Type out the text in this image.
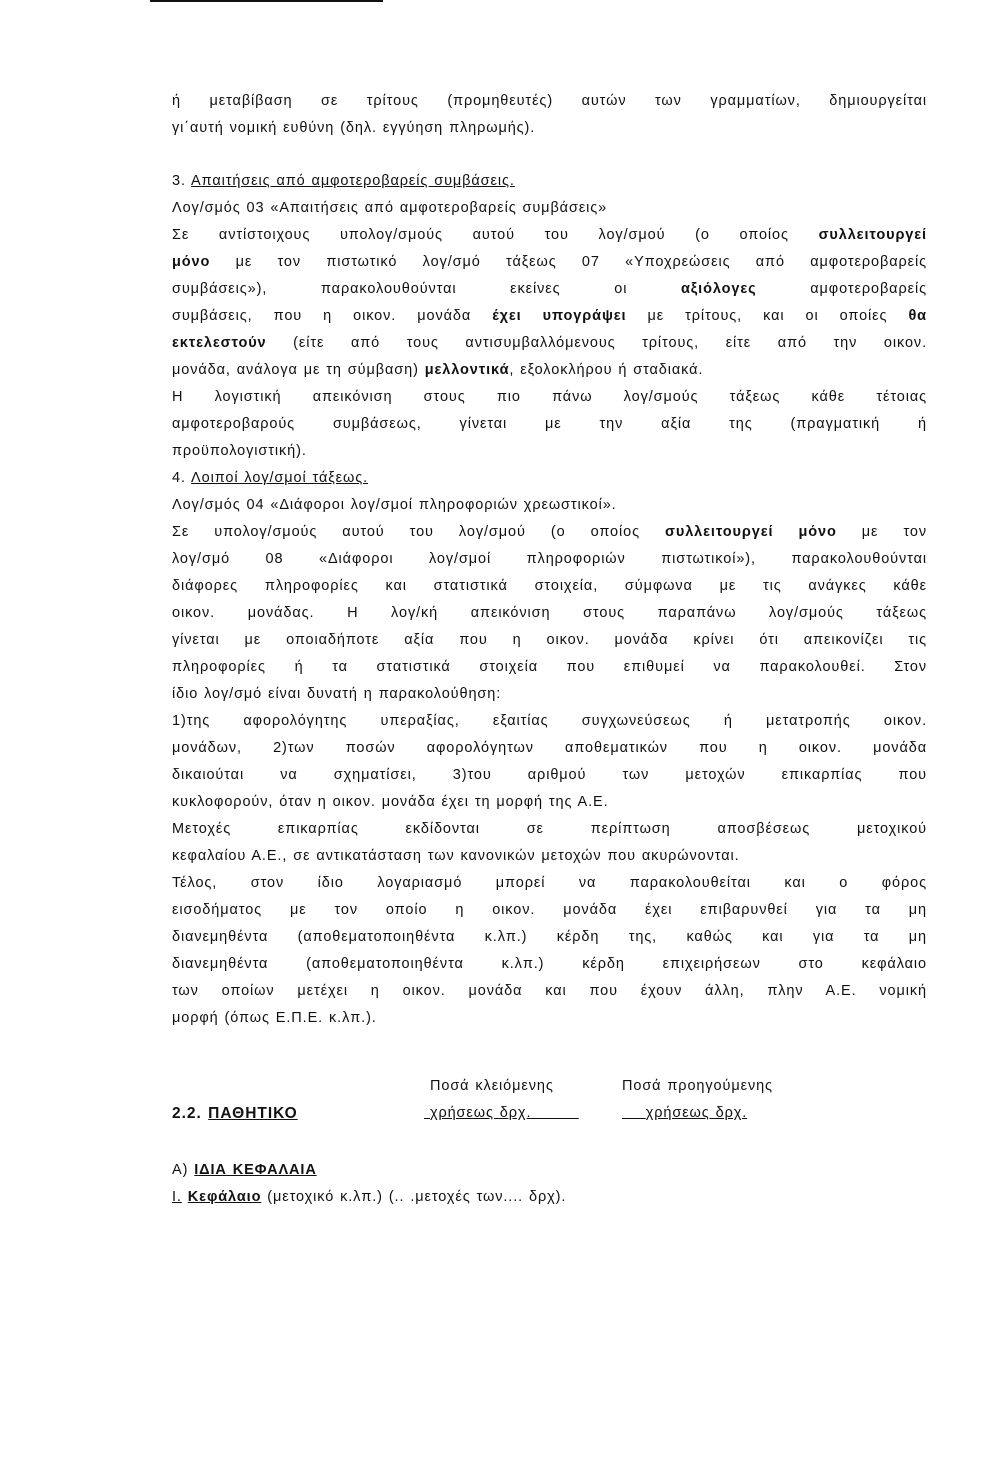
ή μεταβίβαση σε τρίτους (προμηθευτές) αυτών των γραμματίων, δημιουργείται
γι΄αυτή νομική ευθύνη (δηλ. εγγύηση πληρωμής).
3. Απαιτήσεις από αμφοτεροβαρείς συμβάσεις.
Λογ/σμός 03 «Απαιτήσεις από αμφοτεροβαρείς συμβάσεις»
Σε αντίστοιχους υπολογ/σμούς αυτού του λογ/σμού (ο οποίος συλλειτουργεί
μόνο με τον πιστωτικό λογ/σμό τάξεως 07 «Υποχρεώσεις από αμφοτεροβαρείς
συμβάσεις»), παρακολουθούνται εκείνες οι αξιόλογες αμφοτεροβαρείς
συμβάσεις, που η οικον. μονάδα έχει υπογράψει με τρίτους, και οι οποίες θα
εκτελεστούν (είτε από τους αντισυμβαλλόμενους τρίτους, είτε από την οικον.
μονάδα, ανάλογα με τη σύμβαση) μελλοντικά, εξολοκλήρου ή σταδιακά.
Η λογιστική απεικόνιση στους πιο πάνω λογ/σμούς τάξεως κάθε τέτοιας
αμφοτεροβαρούς συμβάσεως, γίνεται με την αξία της (πραγματική ή
προϋπολογιστική).
4. Λοιποί λογ/σμοί τάξεως.
Λογ/σμός 04 «Διάφοροι λογ/σμοί πληροφοριών χρεωστικοί».
Σε υπολογ/σμούς αυτού του λογ/σμού (ο οποίος συλλειτουργεί μόνο με τον
λογ/σμό 08 «Διάφοροι λογ/σμοί πληροφοριών πιστωτικοί»), παρακολουθούνται
διάφορες πληροφορίες και στατιστικά στοιχεία, σύμφωνα με τις ανάγκες κάθε
οικον. μονάδας. Η λογ/κή απεικόνιση στους παραπάνω λογ/σμούς τάξεως
γίνεται με οποιαδήποτε αξία που η οικον. μονάδα κρίνει ότι απεικονίζει τις
πληροφορίες ή τα στατιστικά στοιχεία που επιθυμεί να παρακολουθεί. Στον
ίδιο λογ/σμό είναι δυνατή η παρακολούθηση:
1)της αφορολόγητης υπεραξίας, εξαιτίας συγχωνεύσεως ή μετατροπής οικον.
μονάδων, 2)των ποσών αφορολόγητων αποθεματικών που η οικον. μονάδα
δικαιούται να σχηματίσει, 3)του αριθμού των μετοχών επικαρπίας που
κυκλοφορούν, όταν η οικον. μονάδα έχει τη μορφή της Α.Ε.
Μετοχές επικαρπίας εκδίδονται σε περίπτωση αποσβέσεως μετοχικού
κεφαλαίου Α.Ε., σε αντικατάσταση των κανονικών μετοχών που ακυρώνονται.
Τέλος, στον ίδιο λογαριασμό μπορεί να παρακολουθείται και ο φόρος
εισοδήματος με τον οποίο η οικον. μονάδα έχει επιβαρυνθεί για τα μη
διανεμηθέντα (αποθεματοποιηθέντα κ.λπ.) κέρδη της, καθώς και για τα μη
διανεμηθέντα (αποθεματοποιηθέντα κ.λπ.) κέρδη επιχειρήσεων στο κεφάλαιο
των οποίων μετέχει η οικον. μονάδα και που έχουν άλλη, πλην Α.Ε. νομική
μορφή (όπως Ε.Π.Ε. κ.λπ.).
Ποσά κλειόμενης	Ποσά προηγούμενης
2.2. ΠΑΘΗΤΙΚΟ	χρήσεως δρχ.	χρήσεως δρχ.
Α) ΙΔΙΑ ΚΕΦΑΛΑΙΑ
Ι. Κεφάλαιο (μετοχικό κ.λπ.) (.. .μετοχές των.... δρχ).
